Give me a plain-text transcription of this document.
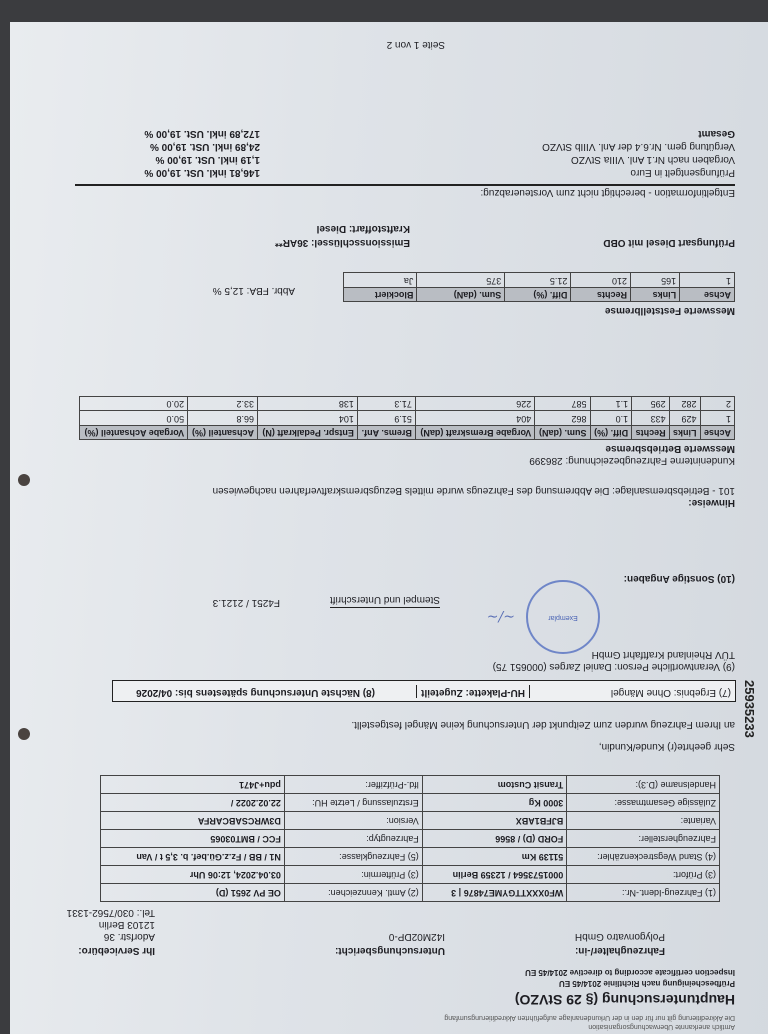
Amtlich anerkannte Überwachungsorganisation
Die Akkreditierung gilt nur für den in der Urkundenanlage aufgeführten Akkreditierungsumfang
Hauptuntersuchung (§ 29 StVZO)
Prüfbescheinigung nach Richtlinie 2014/45 EU
Inspection certificate according to directive 2014/45 EU
Ihr Servicebüro:
Adorfstr. 36
12103 Berlin
Tel.: 030/7562-1331
Untersuchungsbericht:
I42M02DP-0
Fahrzeughalter/-in:
Polygonvatro GmbH
(1) Fahrzeug-Ident.-Nr.:	WF0XXXTTGYME74876 | 3	(2) Amtl. Kennzeichen:	OE PV 2651 (D)
(3) Prüfort:	0001573564 / 12359 Berlin	(3) Prüftermin:	03.04.2024, 12:06 Uhr
(4) Stand Wegstreckenzähler:	51139 Km	(5) Fahrzeugklasse:	N1 / BB / Fz.z.Gü.bef. b. 3,5 t / Van
Fahrzeughersteller:	FORD (D) / 8566	Fahrzeugtyp:	FCC / BMT03065
Variante:	BJFB1ABX	Version:	D3WRCSABCARFA
Zulässige Gesamtmasse:	3000 Kg	Erstzulassung / Letzte HU:	22.02.2022 /
Handelsname (D.3):	Transit Custom	lfd.-Prüfziffer:	pdu+J471
Sehr geehrte(r) Kunde/Kundin,
an Ihrem Fahrzeug wurden zum Zeitpunkt der Untersuchung keine Mängel festgestellt.
(7) Ergebnis: Ohne Mängel
HU-Plakette: Zugeteilt
(8) Nächste Untersuchung spätestens bis: 04/2026
(9) Verantwortliche Person: Daniel Zarges (000651 75)
TÜV Rheinland Kraftfahrt GmbH
Exemplar
~/~
Stempel und Unterschrift
F4251 / 2121.3
(10) Sonstige Angaben:
Hinweise:
101 - Betriebsbremsanlage: Die Abbremsung des Fahrzeugs wurde mittels Bezugsbremskraftverfahren nachgewiesen
Kundeninterne Fahrzeugbezeichnung: 286399
Messwerte Betriebsbremse
Achse	Links	Rechts	Diff. (%)	Sum. (daN)	Vorgabe Bremskraft (daN)	Brems. Anf.	Entspr. Pedalkraft (N)	Achsanteil (%)	Vorgabe Achsanteil (%)
1	429	433	1.0	862	404	51.9	104	66.8	50.0
2	282	295	1.1	587	226	71.3	138	33.2	20.0
Messwerte Feststellbremse
Achse	Links	Rechts	Diff. (%)	Sum. (daN)	Blockiert
1	165	210	21.5	375	Ja
Abbr. FBA: 12,5 %
Prüfungsart Diesel mit OBD
Emissionsschlüssel: 36AR**
Kraftstoffart: Diesel
Entgeltinformation - berechtigt nicht zum Vorsteuerabzug:
Prüfungsentgelt in Euro
146,81 inkl. USt. 19,00 %
Vorgaben nach Nr.1 Anl. VIIIa StVZO
1,19 inkl. USt. 19,00 %
Vergütung gem. Nr.6.4 der Anl. VIIIb StVZO
24,89 inkl. USt. 19,00 %
Gesamt
172,89 inkl. USt. 19,00 %
Seite 1 von 2
25935233
